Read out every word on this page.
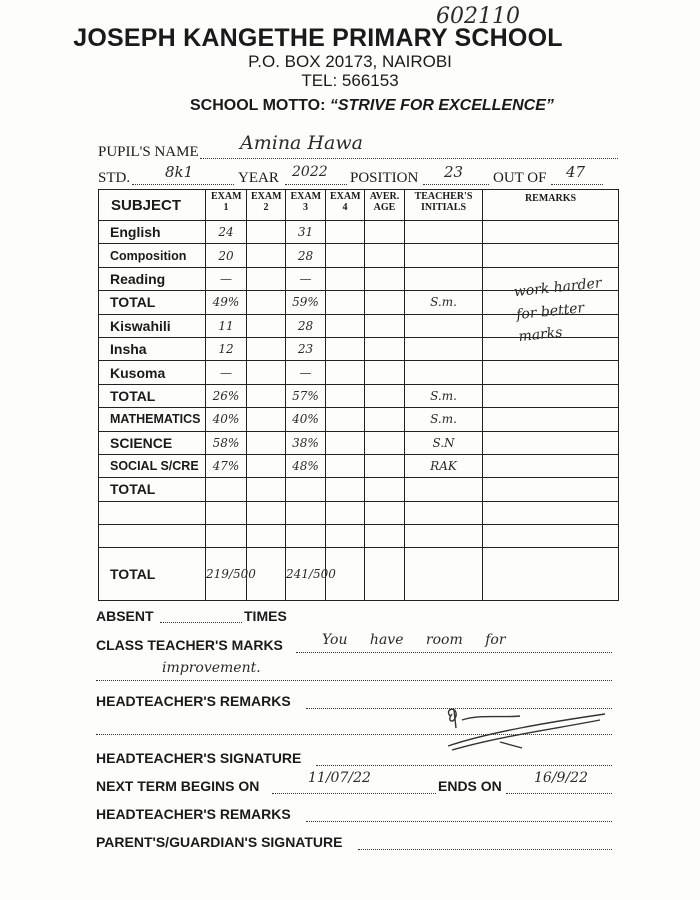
602110
JOSEPH KANGETHE PRIMARY SCHOOL
P.O. BOX 20173, NAIROBI
TEL: 566153
SCHOOL MOTTO: “STRIVE FOR EXCELLENCE”
PUPIL'S NAME Amina Hawa
STD. 8k1	YEAR 2022 POSITION 23 OUT OF 47
SUBJECT	EXAM 1	EXAM 2	EXAM 3	EXAM 4	AVER. AGE	TEACHER'S INITIALS	REMARKS

English	24		31				
Composition	20		28				
Reading	—		—				
TOTAL	49%		59%			S.m.	
Kiswahili	11		28				
Insha	12		23				
Kusoma	—		—				
TOTAL	26%		57%			S.m.	
MATHEMATICS	40%		40%			S.m.	
SCIENCE	58%		38%			S.N	
SOCIAL S/CRE	47%		48%			RAK	
TOTAL							

TOTAL	219/500		241/500				
work harder for better marks
ABSENT	TIMES
CLASS TEACHER'S MARKS	You have room for
improvement.
HEADTEACHER'S REMARKS
HEADTEACHER'S SIGNATURE
NEXT TERM BEGINS ON	11/07/22	ENDS ON 16/9/22
HEADTEACHER'S REMARKS
PARENT'S/GUARDIAN'S SIGNATURE
